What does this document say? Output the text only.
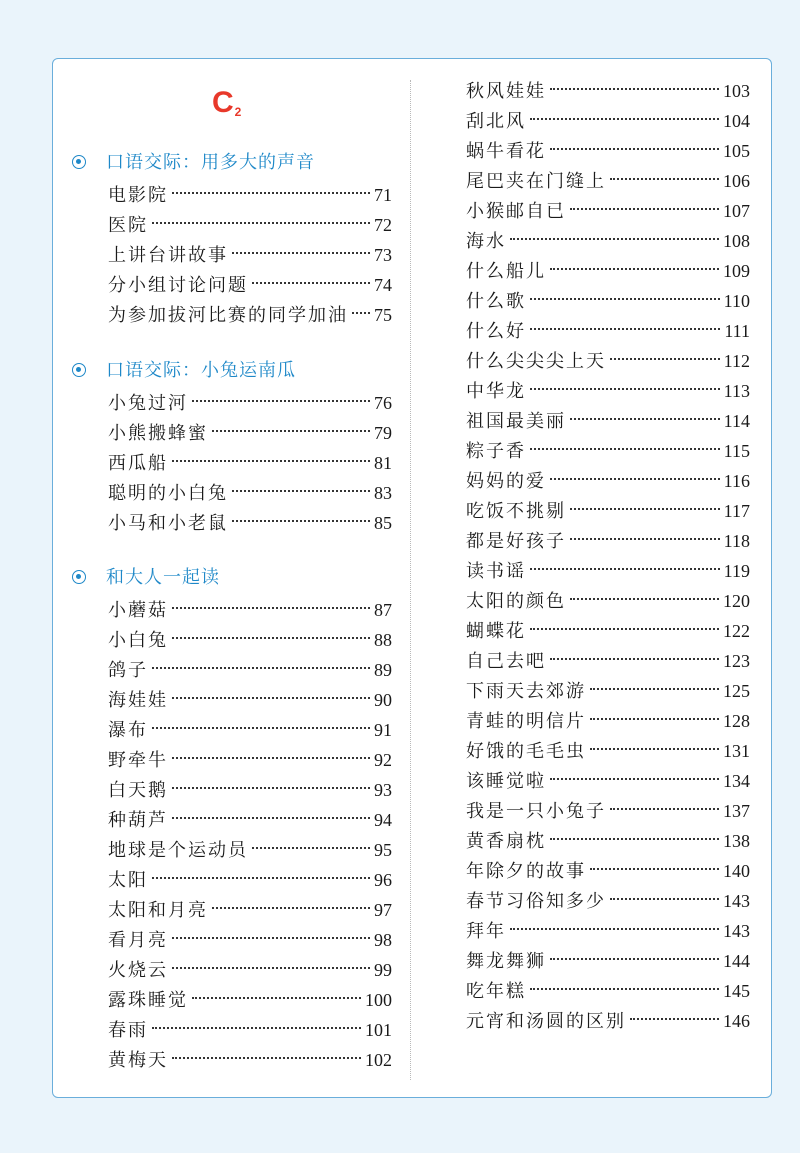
$C_2$
口语交际：用多大的声音
电影院	71
医院	72
上讲台讲故事	73
分小组讨论问题	74
为参加拔河比赛的同学加油 75
口语交际：小兔运南瓜
小兔过河	76
小熊搬蜂蜜	79
西瓜船	81
聪明的小白兔	83
小马和小老鼠	85
和大人一起读
小蘑菇	87
小白兔	88
鸽子	89
海娃娃	90
瀑布	91
野牵牛	92
白天鹅	93
种葫芦	94
地球是个运动员	95
太阳	96
太阳和月亮	97
看月亮	98
火烧云	99
露珠睡觉	100
春雨	101
黄梅天	102
秋风娃娃	103
刮北风	104
蜗牛看花	105
尾巴夹在门缝上	106
小猴邮自已	107
海水	108
什么船儿	109
什么歌	110
什么好	111
什么尖尖尖上天	112
中华龙	113
祖国最美丽	114
粽子香	115
妈妈的爱	116
吃饭不挑剔	117
都是好孩子	118
读书谣	119
太阳的颜色	120
蝴蝶花	122
自己去吧	123
下雨天去郊游	125
青蛙的明信片	128
好饿的毛毛虫	131
该睡觉啦	134
我是一只小兔子	137
黄香扇枕	138
年除夕的故事	140
春节习俗知多少	143
拜年	143
舞龙舞狮	144
吃年糕	145
元宵和汤圆的区别	146
